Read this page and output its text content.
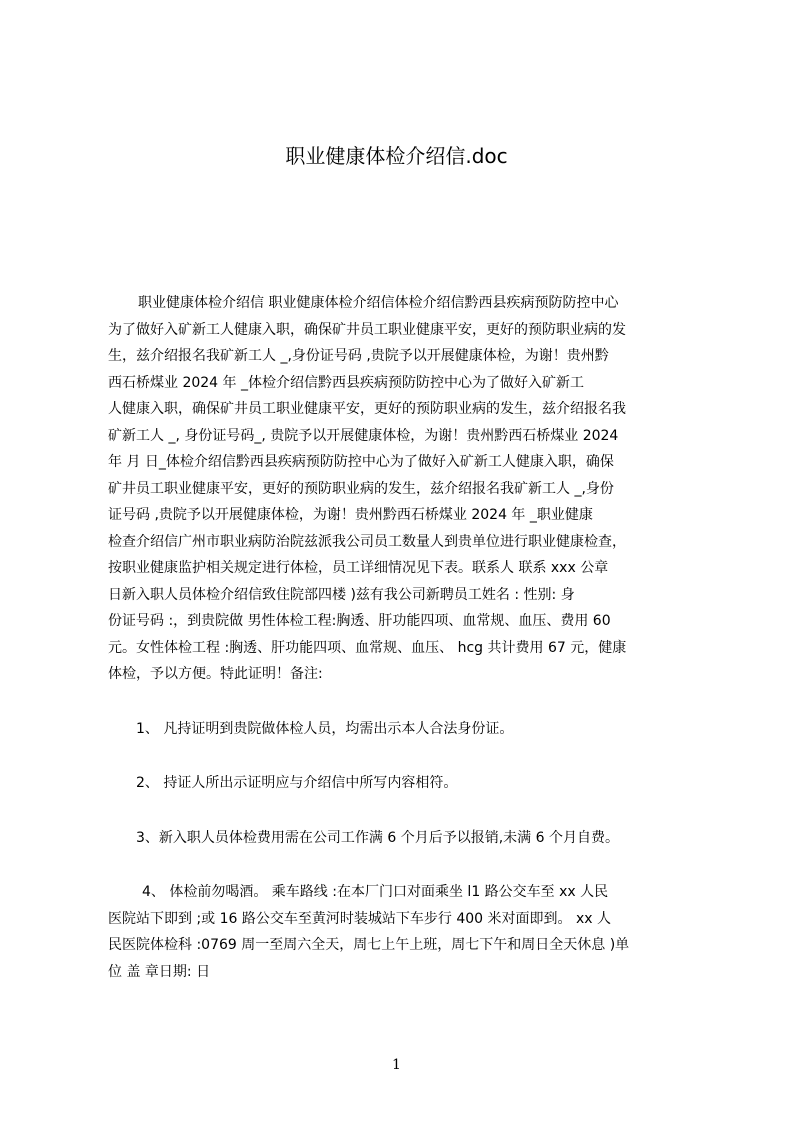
职业健康体检介绍信.doc
职业健康体检介绍信 职业健康体检介绍信体检介绍信黔西县疾病预防防控中心
为了做好入矿新工人健康入职，确保矿井员工职业健康平安，更好的预防职业病的发
生，兹介绍报名我矿新工人 _,身份证号码 ,贵院予以开展健康体检，为谢！贵州黔
西石桥煤业 2024 年 _体检介绍信黔西县疾病预防防控中心为了做好入矿新工
人健康入职，确保矿井员工职业健康平安，更好的预防职业病的发生，兹介绍报名我
矿新工人 _, 身份证号码_, 贵院予以开展健康体检，为谢！贵州黔西石桥煤业 2024
年 月 日_体检介绍信黔西县疾病预防防控中心为了做好入矿新工人健康入职，确保
矿井员工职业健康平安，更好的预防职业病的发生，兹介绍报名我矿新工人 _,身份
证号码 ,贵院予以开展健康体检，为谢！贵州黔西石桥煤业 2024 年 _职业健康
检查介绍信广州市职业病防治院兹派我公司员工数量人到贵单位进行职业健康检查，
按职业健康监护相关规定进行体检，员工详细情况见下表。联系人 联系 xxx 公章
日新入职人员体检介绍信致住院部四楼 )兹有我公司新聘员工姓名 : 性别: 身
份证号码 :，到贵院做 男性体检工程:胸透、肝功能四项、血常规、血压、费用 60
元。女性体检工程 :胸透、肝功能四项、血常规、血压、 hcg 共计费用 67 元，健康
体检，予以方便。特此证明！备注:
1、 凡持证明到贵院做体检人员，均需出示本人合法身份证。
2、 持证人所出示证明应与介绍信中所写内容相符。
3、新入职人员体检费用需在公司工作满 6 个月后予以报销,未满 6 个月自费。
4、 体检前勿喝酒。 乘车路线 :在本厂门口对面乘坐 l1 路公交车至 xx 人民
医院站下即到 ;或 16 路公交车至黄河时装城站下车步行 400 米对面即到。 xx 人
民医院体检科 :0769 周一至周六全天，周七上午上班，周七下午和周日全天休息 )单
位 盖 章日期: 日
1
